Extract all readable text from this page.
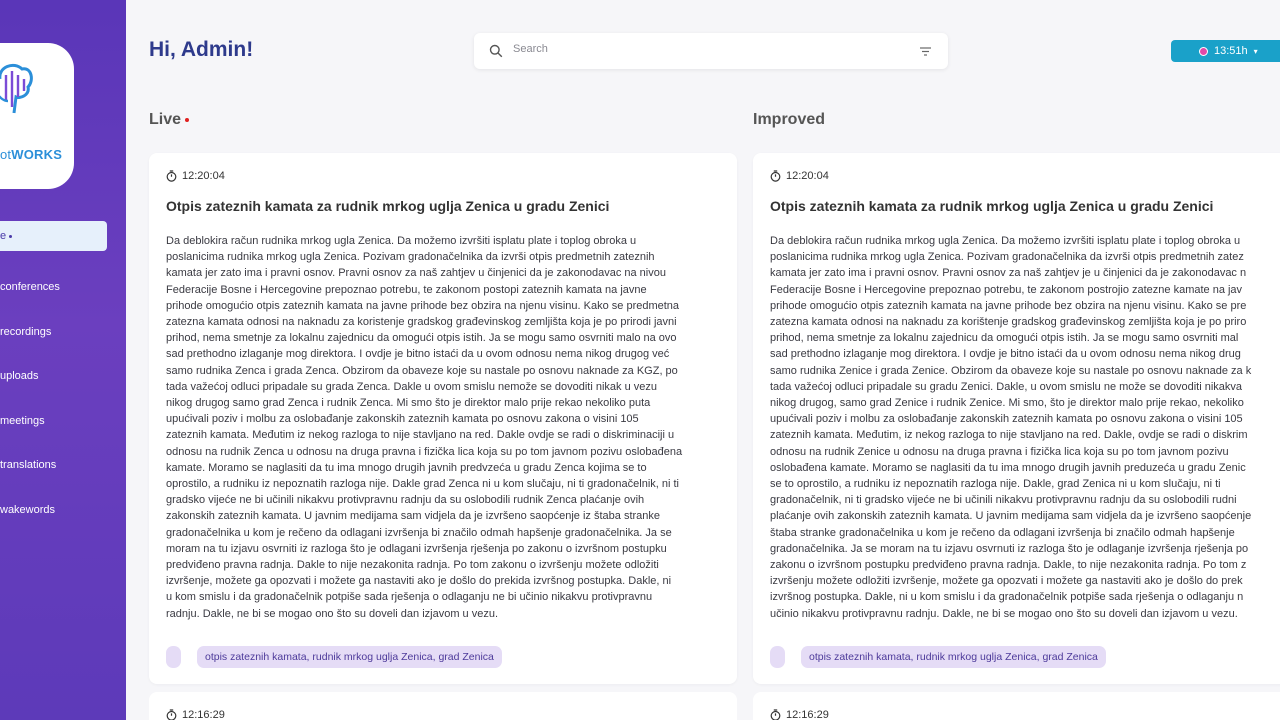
otWORKS
e
conferences
recordings
uploads
meetings
translations
wakewords
Hi, Admin!
Search	13:51h ▾
Live	Improved
12:20:04
Otpis zateznih kamata za rudnik mrkog uglja Zenica u gradu Zenici
Da deblokira račun rudnika mrkog ugla Zenica. Da možemo izvršiti isplatu plate i toplog obroka u
poslanicima rudnika mrkog ugla Zenica. Pozivam gradonačelnika da izvrši otpis predmetnih zateznih
kamata jer zato ima i pravni osnov. Pravni osnov za naš zahtjev u činjenici da je zakonodavac na nivou
Federacije Bosne i Hercegovine prepoznao potrebu, te zakonom postopi zateznih kamata na javne
prihode omogućio otpis zateznih kamata na javne prihode bez obzira na njenu visinu. Kako se predmetna
zatezna kamata odnosi na naknadu za koristenje gradskog građevinskog zemljišta koja je po prirodi javni
prihod, nema smetnje za lokalnu zajednicu da omogući otpis istih. Ja se mogu samo osvrniti malo na ovo
sad prethodno izlaganje mog direktora. I ovdje je bitno istaći da u ovom odnosu nema nikog drugog već
samo rudnika Zenca i grada Zenca. Obzirom da obaveze koje su nastale po osnovu naknade za KGZ, po
tada važećoj odluci pripadale su grada Zenca. Dakle u ovom smislu nemože se dovoditi nikak u vezu
nikog drugog samo grad Zenca i rudnik Zenca. Mi smo što je direktor malo prije rekao nekoliko puta
upućivali poziv i molbu za oslobađanje zakonskih zateznih kamata po osnovu zakona o visini 105
zateznih kamata. Međutim iz nekog razloga to nije stavljano na red. Dakle ovdje se radi o diskriminaciji u
odnosu na rudnik Zenca u odnosu na druga pravna i fizička lica koja su po tom javnom pozivu oslobađena
kamate. Moramo se naglasiti da tu ima mnogo drugih javnih predvzeća u gradu Zenca kojima se to
oprostilo, a rudniku iz nepoznatih razloga nije. Dakle grad Zenca ni u kom slučaju, ni ti gradonačelnik, ni ti
gradsko vijeće ne bi učinili nikakvu protivpravnu radnju da su oslobodili rudnik Zenca plaćanje ovih
zakonskih zateznih kamata. U javnim medijama sam vidjela da je izvršeno saopćenje iz štaba stranke
gradonačelnika u kom je rečeno da odlagani izvršenja bi značilo odmah hapšenje gradonačelnika. Ja se
moram na tu izjavu osvrniti iz razloga što je odlagani izvršenja rješenja po zakonu o izvršnom postupku
predviđeno pravna radnja. Dakle to nije nezakonita radnja. Po tom zakonu o izvršenju možete odložiti
izvršenje, možete ga opozvati i možete ga nastaviti ako je došlo do prekida izvršnog postupka. Dakle, ni
u kom smislu i da gradonačelnik potpiše sada rješenja o odlaganju ne bi učinio nikakvu protivpravnu
radnju. Dakle, ne bi se mogao ono što su doveli dan izjavom u vezu.
otpis zateznih kamata, rudnik mrkog uglja Zenica, grad Zenica
12:20:04
Otpis zateznih kamata za rudnik mrkog uglja Zenica u gradu Zenici
Da deblokira račun rudnika mrkog ugla Zenica. Da možemo izvršiti isplatu plate i toplog obroka u
poslanicima rudnika mrkog ugla Zenica. Pozivam gradonačelnika da izvrši otpis predmetnih zatez
kamata jer zato ima i pravni osnov. Pravni osnov za naš zahtjev je u činjenici da je zakonodavac n
Federacije Bosne i Hercegovine prepoznao potrebu, te zakonom postrojio zatezne kamate na jav
prihode omogućio otpis zateznih kamata na javne prihode bez obzira na njenu visinu. Kako se pre
zatezna kamata odnosi na naknadu za korištenje gradskog građevinskog zemljišta koja je po priro
prihod, nema smetnje za lokalnu zajednicu da omogući otpis istih. Ja se mogu samo osvrniti mal
sad prethodno izlaganje mog direktora. I ovdje je bitno istaći da u ovom odnosu nema nikog drug
samo rudnika Zenice i grada Zenice. Obzirom da obaveze koje su nastale po osnovu naknade za k
tada važećoj odluci pripadale su gradu Zenici. Dakle, u ovom smislu ne može se dovoditi nikakva
nikog drugog, samo grad Zenice i rudnik Zenice. Mi smo, što je direktor malo prije rekao, nekoliko
upućivali poziv i molbu za oslobađanje zakonskih zateznih kamata po osnovu zakona o visini 105
zateznih kamata. Međutim, iz nekog razloga to nije stavljano na red. Dakle, ovdje se radi o diskrim
odnosu na rudnik Zenice u odnosu na druga pravna i fizička lica koja su po tom javnom pozivu
oslobađena kamate. Moramo se naglasiti da tu ima mnogo drugih javnih preduzeća u gradu Zenic
se to oprostilo, a rudniku iz nepoznatih razloga nije. Dakle, grad Zenica ni u kom slučaju, ni ti
gradonačelnik, ni ti gradsko vijeće ne bi učinili nikakvu protivpravnu radnju da su oslobodili rudni
plaćanje ovih zakonskih zateznih kamata. U javnim medijama sam vidjela da je izvršeno saopćenje
štaba stranke gradonačelnika u kom je rečeno da odlagani izvršenja bi značilo odmah hapšenje
gradonačelnika. Ja se moram na tu izjavu osvrnuti iz razloga što je odlaganje izvršenja rješenja po
zakonu o izvršnom postupku predviđeno pravna radnja. Dakle, to nije nezakonita radnja. Po tom z
izvršenju možete odložiti izvršenje, možete ga opozvati i možete ga nastaviti ako je došlo do prek
izvršnog postupka. Dakle, ni u kom smislu i da gradonačelnik potpiše sada rješenja o odlaganju n
učinio nikakvu protivpravnu radnju. Dakle, ne bi se mogao ono što su doveli dan izjavom u vezu.
otpis zateznih kamata, rudnik mrkog uglja Zenica, grad Zenica
12:16:29	12:16:29
